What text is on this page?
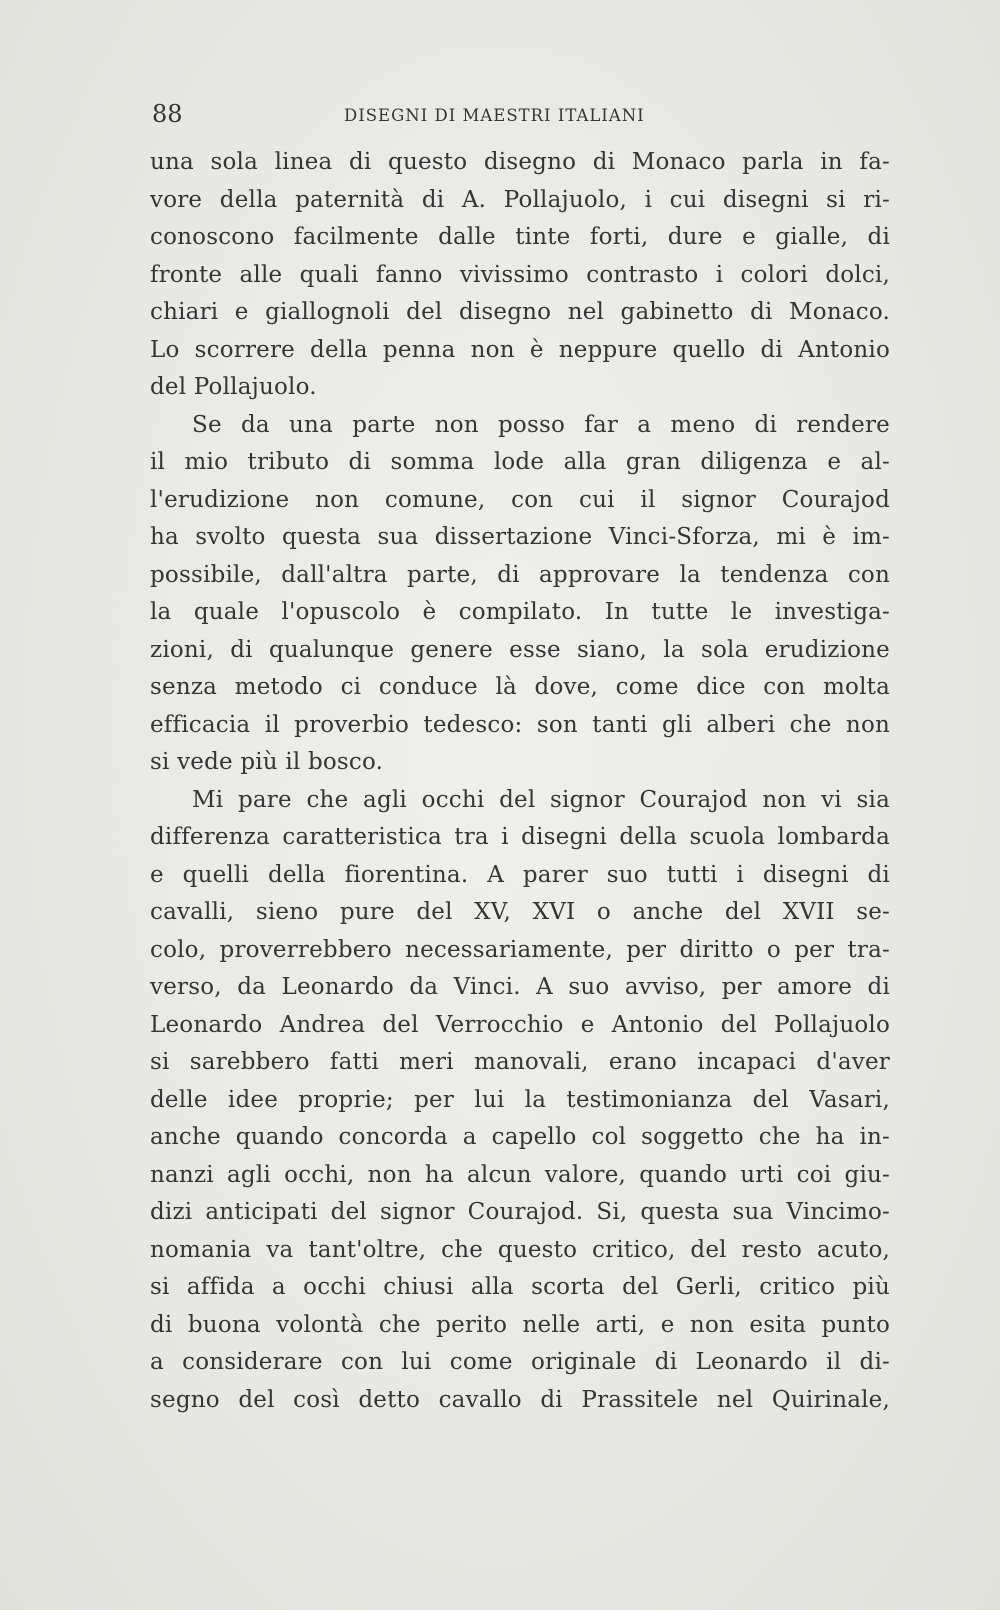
88	DISEGNI DI MAESTRI ITALIANI
una sola linea di questo disegno di Monaco parla in fa-
vore della paternità di A. Pollajuolo, i cui disegni si ri-
conoscono facilmente dalle tinte forti, dure e gialle, di
fronte alle quali fanno vivissimo contrasto i colori dolci,
chiari e giallognoli del disegno nel gabinetto di Monaco.
Lo scorrere della penna non è neppure quello di Antonio
del Pollajuolo.
Se da una parte non posso far a meno di rendere
il mio tributo di somma lode alla gran diligenza e al-
l'erudizione non comune, con cui il signor Courajod
ha svolto questa sua dissertazione Vinci-Sforza, mi è im-
possibile, dall'altra parte, di approvare la tendenza con
la quale l'opuscolo è compilato. In tutte le investiga-
zioni, di qualunque genere esse siano, la sola erudizione
senza metodo ci conduce là dove, come dice con molta
efficacia il proverbio tedesco: son tanti gli alberi che non
si vede più il bosco.
Mi pare che agli occhi del signor Courajod non vi sia
differenza caratteristica tra i disegni della scuola lombarda
e quelli della fiorentina. A parer suo tutti i disegni di
cavalli, sieno pure del XV, XVI o anche del XVII se-
colo, proverrebbero necessariamente, per diritto o per tra-
verso, da Leonardo da Vinci. A suo avviso, per amore di
Leonardo Andrea del Verrocchio e Antonio del Pollajuolo
si sarebbero fatti meri manovali, erano incapaci d'aver
delle idee proprie; per lui la testimonianza del Vasari,
anche quando concorda a capello col soggetto che ha in-
nanzi agli occhi, non ha alcun valore, quando urti coi giu-
dizi anticipati del signor Courajod. Si, questa sua Vincimo-
nomania va tant'oltre, che questo critico, del resto acuto,
si affida a occhi chiusi alla scorta del Gerli, critico più
di buona volontà che perito nelle arti, e non esita punto
a considerare con lui come originale di Leonardo il di-
segno del così detto cavallo di Prassitele nel Quirinale,
